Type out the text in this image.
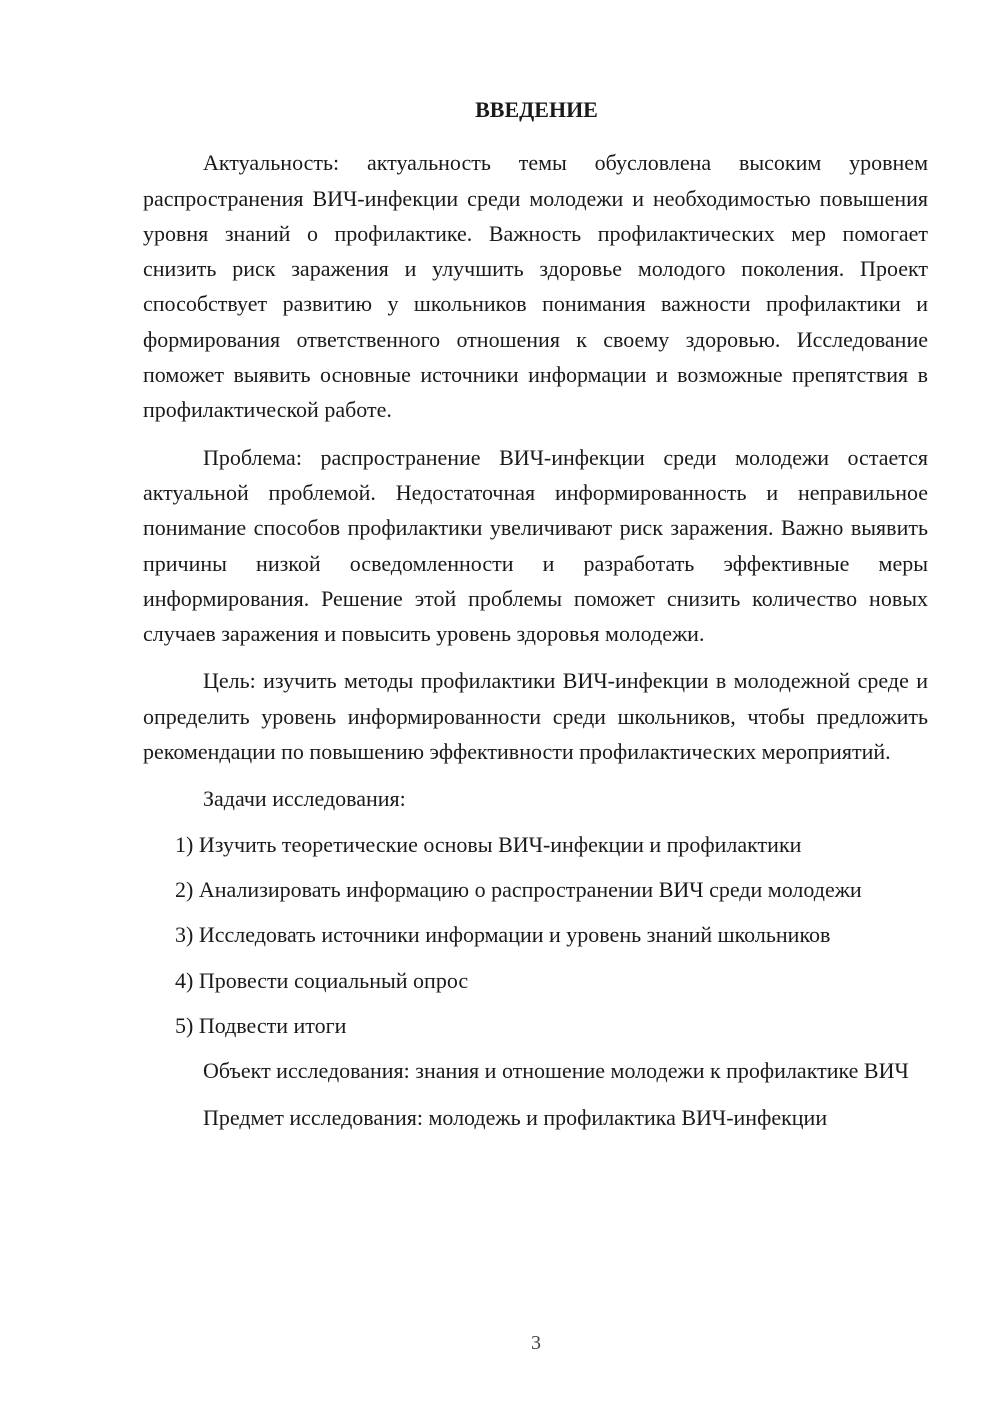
ВВЕДЕНИЕ

Актуальность: актуальность темы обусловлена высоким уровнем распространения ВИЧ-инфекции среди молодежи и необходимостью повышения уровня знаний о профилактике. Важность профилактических мер помогает снизить риск заражения и улучшить здоровье молодого поколения. Проект способствует развитию у школьников понимания важности профилактики и формирования ответственного отношения к своему здоровью. Исследование поможет выявить основные источники информации и возможные препятствия в профилактической работе.

Проблема: распространение ВИЧ-инфекции среди молодежи остается актуальной проблемой. Недостаточная информированность и неправильное понимание способов профилактики увеличивают риск заражения. Важно выявить причины низкой осведомленности и разработать эффективные меры информирования. Решение этой проблемы поможет снизить количество новых случаев заражения и повысить уровень здоровья молодежи.

Цель: изучить методы профилактики ВИЧ-инфекции в молодежной среде и определить уровень информированности среди школьников, чтобы предложить рекомендации по повышению эффективности профилактических мероприятий.

Задачи исследования:

1) Изучить теоретические основы ВИЧ-инфекции и профилактики

2) Анализировать информацию о распространении ВИЧ среди молодежи

3) Исследовать источники информации и уровень знаний школьников

4) Провести социальный опрос

5) Подвести итоги

Объект исследования: знания и отношение молодежи к профилактике ВИЧ

Предмет исследования: молодежь и профилактика ВИЧ-инфекции

3
